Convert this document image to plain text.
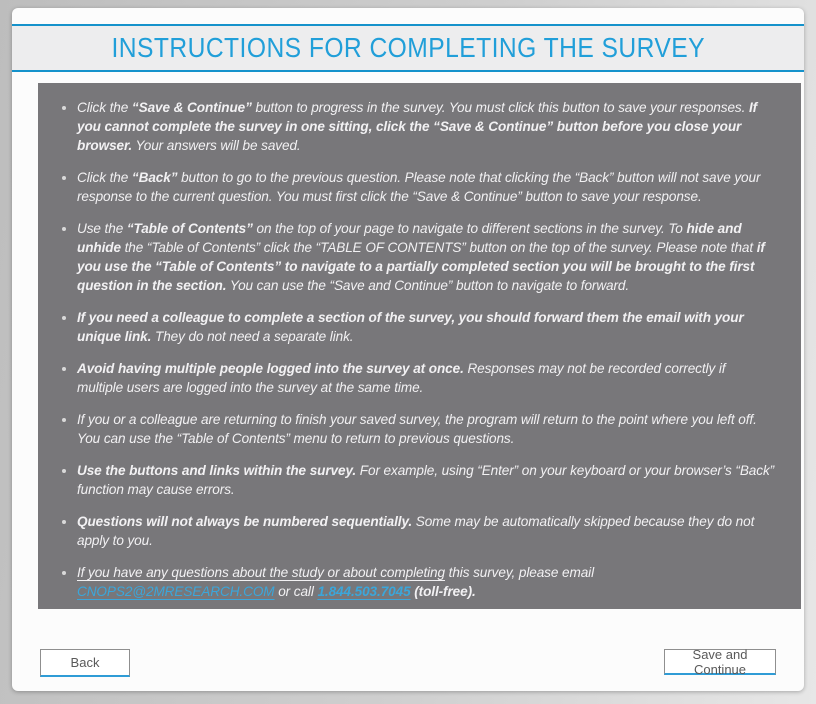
INSTRUCTIONS FOR COMPLETING THE SURVEY
• Click the “Save & Continue” button to progress in the survey. You must click this button to save your responses. If you cannot complete the survey in one sitting, click the “Save & Continue” button before you close your browser. Your answers will be saved.
• Click the “Back” button to go to the previous question. Please note that clicking the “Back” button will not save your response to the current question. You must first click the “Save & Continue” button to save your response.
• Use the “Table of Contents” on the top of your page to navigate to different sections in the survey. To hide and unhide the “Table of Contents” click the “TABLE OF CONTENTS” button on the top of the survey. Please note that if you use the “Table of Contents” to navigate to a partially completed section you will be brought to the first question in the section. You can use the “Save and Continue” button to navigate to forward.
• If you need a colleague to complete a section of the survey, you should forward them the email with your unique link. They do not need a separate link.
• Avoid having multiple people logged into the survey at once. Responses may not be recorded correctly if multiple users are logged into the survey at the same time.
• If you or a colleague are returning to finish your saved survey, the program will return to the point where you left off. You can use the “Table of Contents” menu to return to previous questions.
• Use the buttons and links within the survey. For example, using “Enter” on your keyboard or your browser’s “Back” function may cause errors.
• Questions will not always be numbered sequentially. Some may be automatically skipped because they do not apply to you.
• If you have any questions about the study or about completing this survey, please email CNOPS2@2MRESEARCH.COM or call 1.844.503.7045 (toll-free).
Back
Save and Continue
